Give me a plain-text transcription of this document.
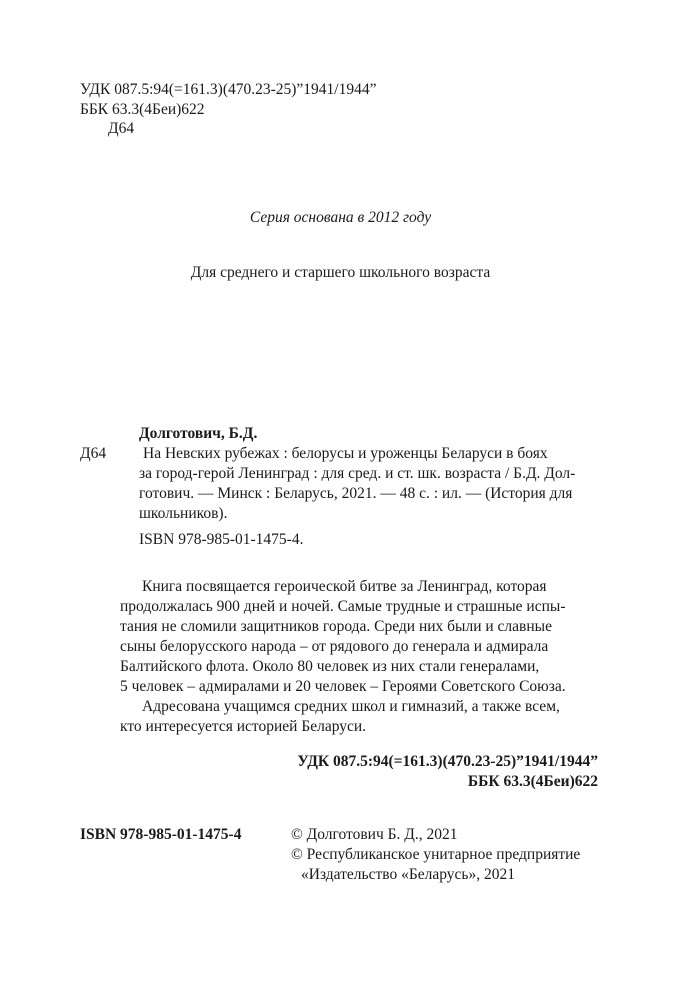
УДК 087.5:94(=161.3)(470.23-25)”1941/1944”
ББК 63.3(4Беи)622
Д64
Серия основана в 2012 году
Для среднего и старшего школьного возраста
Долготович, Б.Д.
Д64 На Невских рубежах : белорусы и уроженцы Беларуси в боях
за город-герой Ленинград : для сред. и ст. шк. возраста / Б.Д. Дол-
готович. — Минск : Беларусь, 2021. — 48 с. : ил. — (История для
школьников).
ISBN 978-985-01-1475-4.
Книга посвящается героической битве за Ленинград, которая
продолжалась 900 дней и ночей. Самые трудные и страшные испы-
тания не сломили защитников города. Среди них были и славные
сыны белорусского народа – от рядового до генерала и адмирала
Балтийского флота. Около 80 человек из них стали генералами,
5 человек – адмиралами и 20 человек – Героями Советского Союза.
Адресована учащимся средних школ и гимназий, а также всем,
кто интересуется историей Беларуси.
УДК 087.5:94(=161.3)(470.23-25)”1941/1944”
ББК 63.3(4Беи)622
ISBN 978-985-01-1475-4	© Долготович Б. Д., 2021
© Республиканское унитарное предприятие
«Издательство «Беларусь», 2021
